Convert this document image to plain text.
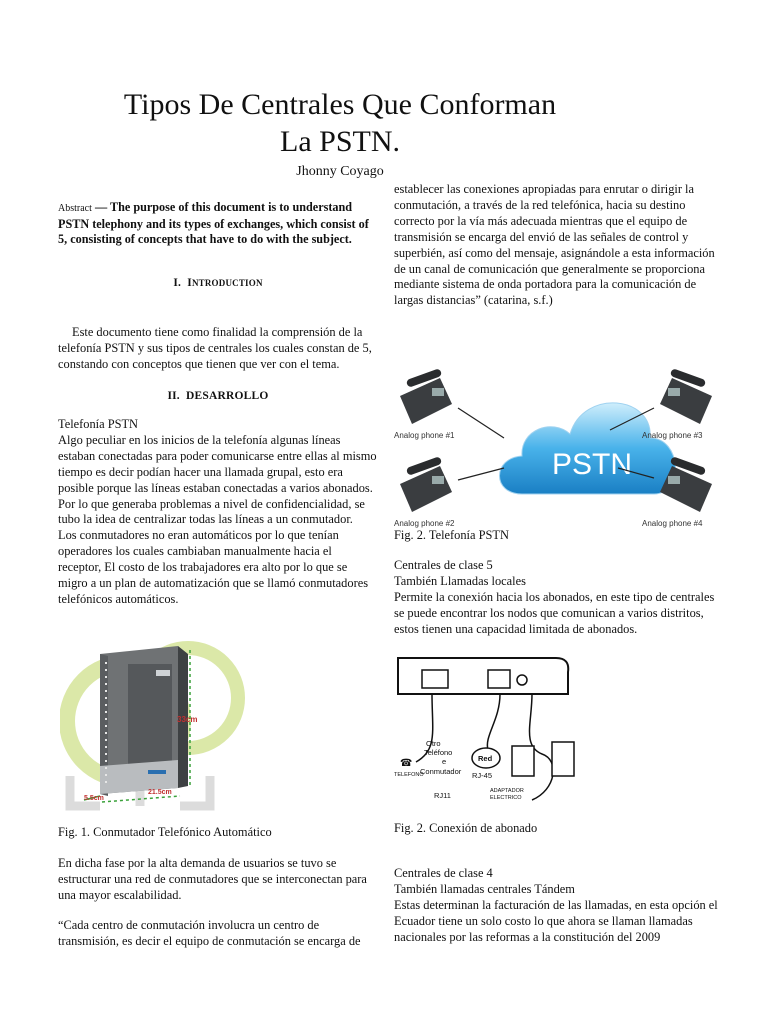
Tipos De Centrales Que Conforman
La PSTN.
Jhonny Coyago
Abstract — The purpose of this document is to understand PSTN telephony and its types of exchanges, which consist of 5, consisting of concepts that have to do with the subject.
I. INTRODUCTION
Este documento tiene como finalidad la comprensión de la telefonía PSTN y sus tipos de centrales los cuales constan de 5, constando con conceptos que tienen que ver con el tema.
II. DESARROLLO

Telefonía PSTN

Algo peculiar en los inicios de la telefonía algunas líneas estaban conectadas para poder comunicarse entre ellas al mismo tiempo es decir podían hacer una llamada grupal, esto era posible porque las líneas estaban conectadas a varios abonados. Por lo que generaba problemas a nivel de confidencialidad, se tubo la idea de centralizar todas las líneas a un conmutador.

Los conmutadores no eran automáticos por lo que tenían operadores los cuales cambiaban manualmente hacia el receptor, El costo de los trabajadores era alto por lo que se migro a un plan de automatización que se llamó conmutadores telefónicos automáticos.

33cm
21.5cm
5.5cm
Fig. 1. Conmutador Telefónico Automático
En dicha fase por la alta demanda de usuarios se tuvo se estructurar una red de conmutadores que se interconectan para una mayor escalabilidad.
“Cada centro de conmutación involucra un centro de transmisión, es decir el equipo de conmutación se encarga de
establecer las conexiones apropiadas para enrutar o dirigir la conmutación, a través de la red telefónica, hacia su destino correcto por la vía más adecuada mientras que el equipo de transmisión se encarga del envió de las señales de control y superbién, así como del mensaje, asignándole a esta información de un canal de comunicación que generalmente se proporciona mediante sistema de onda portadora para la comunicación de largas distancias” (catarina, s.f.)
PSTN
Analog phone #1
Analog phone #2
Analog phone #3
Analog phone #4
Fig. 2. Telefonía PSTN

Centrales de clase 5

También Llamadas locales

Permite la conexión hacia los abonados, en este tipo de centrales se puede encontrar los nodos que comunican a varios distritos, estos tienen una capacidad limitada de abonados.

☎
Otro
Teléfono
e
Conmutador
Red
RJ-45
TELEFONO
RJ11	ADAPTADOR
ELECTRICO
Fig. 2. Conexión de abonado

Centrales de clase 4

También llamadas centrales Tándem

Estas determinan la facturación de las llamadas, en esta opción el Ecuador tiene un solo costo lo que ahora se llaman llamadas nacionales por las reformas a la constitución del 2009
